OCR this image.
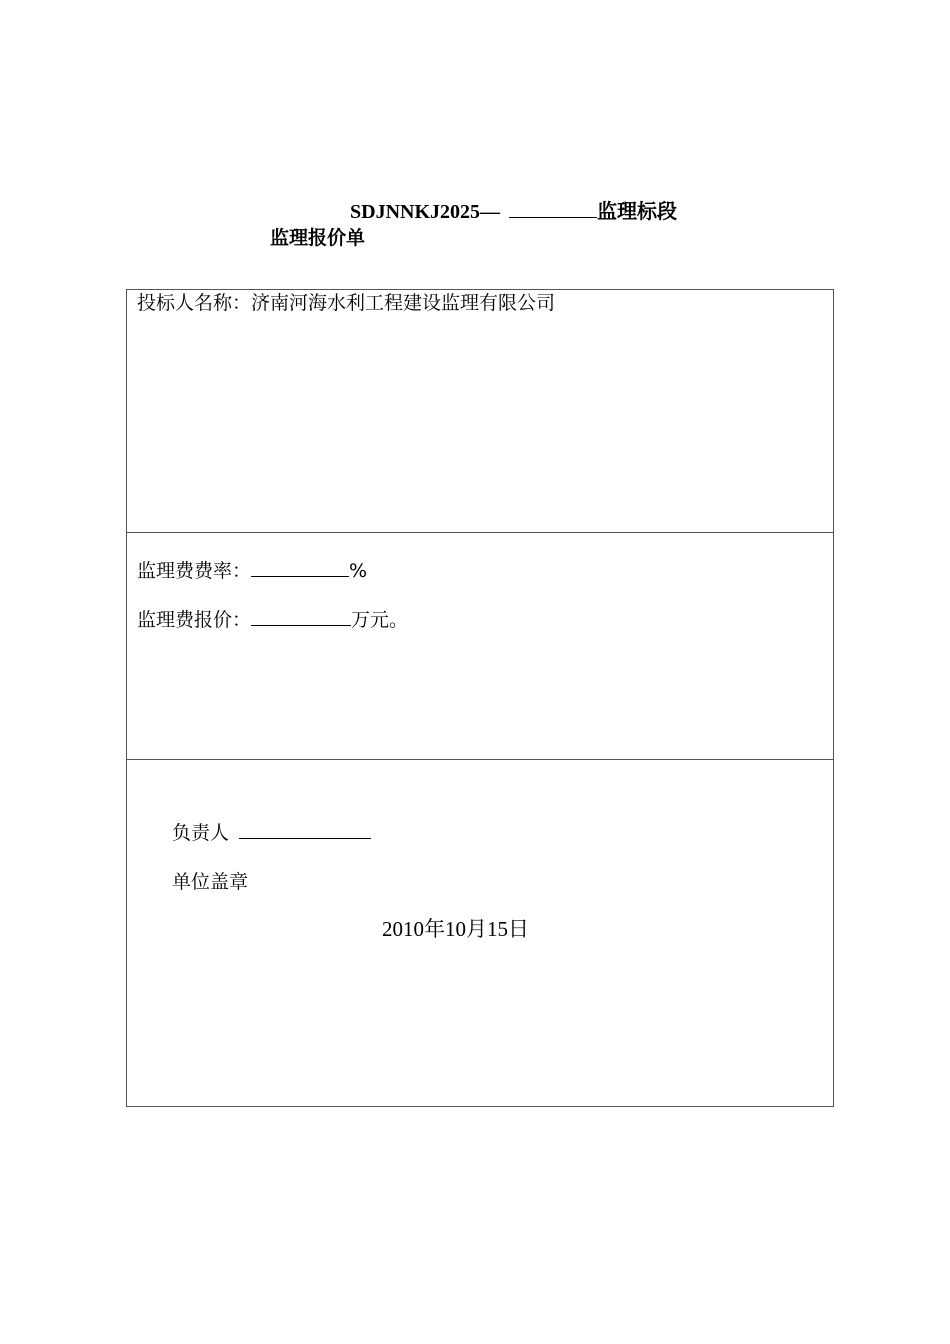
SDJNNKJ2025—	监理标段
监理报价单
投标人名称：济南河海水利工程建设监理有限公司
监理费费率：	%
监理费报价：	万元。
负责人
单位盖章
2010年10月15日
